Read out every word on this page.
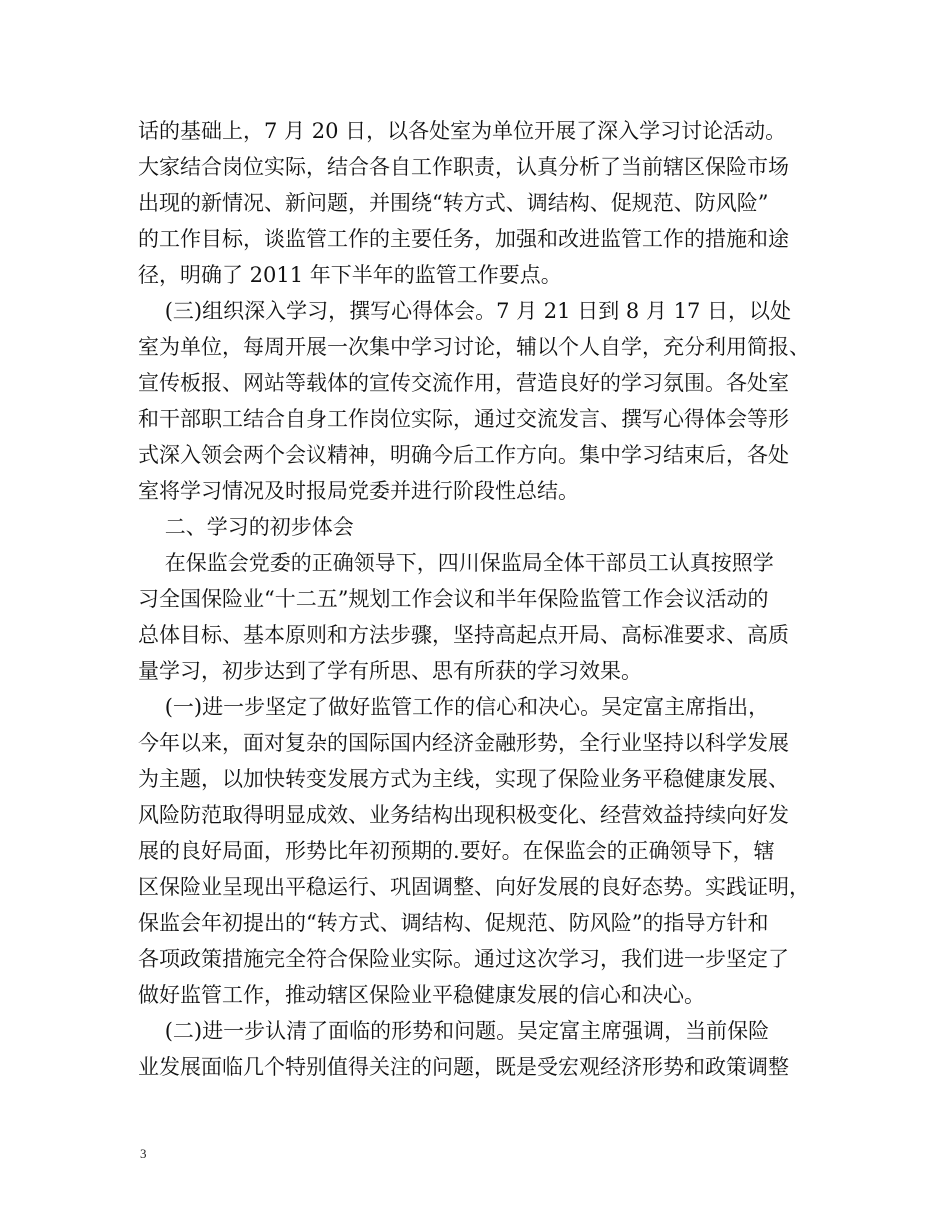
话的基础上，7 月 20 日，以各处室为单位开展了深入学习讨论活动。
大家结合岗位实际，结合各自工作职责，认真分析了当前辖区保险市场
出现的新情况、新问题，并围绕“转方式、调结构、促规范、防风险”
的工作目标，谈监管工作的主要任务，加强和改进监管工作的措施和途
径，明确了 2011 年下半年的监管工作要点。
(三)组织深入学习，撰写心得体会。7 月 21 日到 8 月 17 日，以处
室为单位，每周开展一次集中学习讨论，辅以个人自学，充分利用简报、
宣传板报、网站等载体的宣传交流作用，营造良好的学习氛围。各处室
和干部职工结合自身工作岗位实际，通过交流发言、撰写心得体会等形
式深入领会两个会议精神，明确今后工作方向。集中学习结束后，各处
室将学习情况及时报局党委并进行阶段性总结。
二、学习的初步体会
在保监会党委的正确领导下，四川保监局全体干部员工认真按照学
习全国保险业“十二五”规划工作会议和半年保险监管工作会议活动的
总体目标、基本原则和方法步骤，坚持高起点开局、高标准要求、高质
量学习，初步达到了学有所思、思有所获的学习效果。
(一)进一步坚定了做好监管工作的信心和决心。吴定富主席指出，
今年以来，面对复杂的国际国内经济金融形势，全行业坚持以科学发展
为主题，以加快转变发展方式为主线，实现了保险业务平稳健康发展、
风险防范取得明显成效、业务结构出现积极变化、经营效益持续向好发
展的良好局面，形势比年初预期的.要好。在保监会的正确领导下，辖
区保险业呈现出平稳运行、巩固调整、向好发展的良好态势。实践证明，
保监会年初提出的“转方式、调结构、促规范、防风险”的指导方针和
各项政策措施完全符合保险业实际。通过这次学习，我们进一步坚定了
做好监管工作，推动辖区保险业平稳健康发展的信心和决心。
(二)进一步认清了面临的形势和问题。吴定富主席强调，当前保险
业发展面临几个特别值得关注的问题，既是受宏观经济形势和政策调整
3
